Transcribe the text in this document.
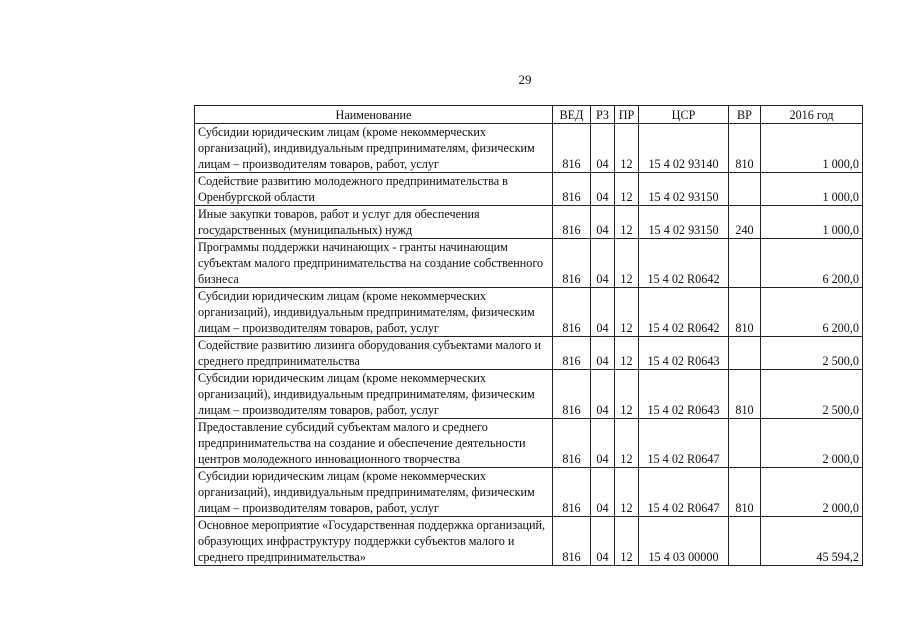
29
Наименование	ВЕД	РЗ	ПР	ЦСР	ВР	2016 год
Субсидии юридическим лицам (кроме некоммерческих организаций), индивидуальным предпринимателям, физическим лицам – производителям товаров, работ, услуг	816	04	12	15 4 02 93140	810	1 000,0
Содействие развитию молодежного предпринимательства в Оренбургской области	816	04	12	15 4 02 93150		1 000,0
Иные закупки товаров, работ и услуг для обеспечения государственных (муниципальных) нужд	816	04	12	15 4 02 93150	240	1 000,0
Программы поддержки начинающих - гранты начинающим субъектам малого предпринимательства на создание собственного бизнеса	816	04	12	15 4 02 R0642		6 200,0
Субсидии юридическим лицам (кроме некоммерческих организаций), индивидуальным предпринимателям, физическим лицам – производителям товаров, работ, услуг	816	04	12	15 4 02 R0642	810	6 200,0
Содействие развитию лизинга оборудования субъектами малого и среднего предпринимательства	816	04	12	15 4 02 R0643		2 500,0
Субсидии юридическим лицам (кроме некоммерческих организаций), индивидуальным предпринимателям, физическим лицам – производителям товаров, работ, услуг	816	04	12	15 4 02 R0643	810	2 500,0
Предоставление субсидий субъектам малого и среднего предпринимательства на создание и обеспечение деятельности центров молодежного инновационного творчества	816	04	12	15 4 02 R0647		2 000,0
Субсидии юридическим лицам (кроме некоммерческих организаций), индивидуальным предпринимателям, физическим лицам – производителям товаров, работ, услуг	816	04	12	15 4 02 R0647	810	2 000,0
Основное мероприятие «Государственная поддержка организаций, образующих инфраструктуру поддержки субъектов малого и среднего предпринимательства»	816	04	12	15 4 03 00000		45 594,2
